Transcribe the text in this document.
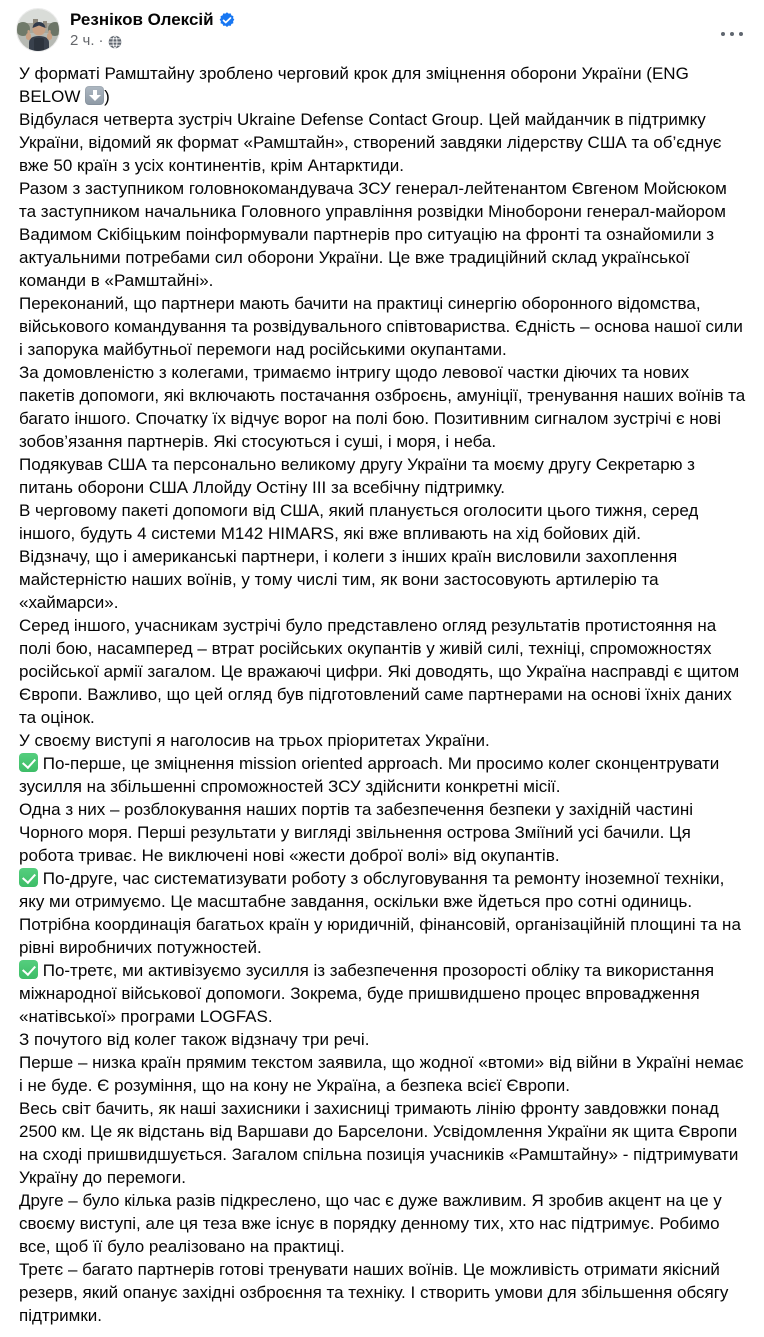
Резніков Олексій
2 ч. ·
У форматі Рамштайну зроблено черговий крок для зміцнення оборони України (ENG BELOW )
Відбулася четверта зустріч Ukraine Defense Contact Group. Цей майданчик в підтримку України, відомий як формат «Рамштайн», створений завдяки лідерству США та об’єднує вже 50 країн з усіх континентів, крім Антарктиди.
Разом з заступником головнокомандувача ЗСУ генерал-лейтенантом Євгеном Мойсюком та заступником начальника Головного управління розвідки Міноборони генерал-майором Вадимом Скібіцьким поінформували партнерів про ситуацію на фронті та ознайомили з актуальними потребами сил оборони України. Це вже традиційний склад української команди в «Рамштайні».
Переконаний, що партнери мають бачити на практиці синергію оборонного відомства, військового командування та розвідувального співтовариства. Єдність – основа нашої сили і запорука майбутньої перемоги над російськими окупантами.
За домовленістю з колегами, тримаємо інтригу щодо левової частки діючих та нових пакетів допомоги, які включають постачання озброєнь, амуніції, тренування наших воїнів та багато іншого. Спочатку їх відчує ворог на полі бою. Позитивним сигналом зустрічі є нові зобов’язання партнерів. Які стосуються і суші, і моря, і неба.
Подякував США та персонально великому другу України та моєму другу Секретарю з питань оборони США Ллойду Остіну III за всебічну підтримку.
В черговому пакеті допомоги від США, який планується оголосити цього тижня, серед іншого, будуть 4 системи M142 HIMARS, які вже впливають на хід бойових дій.
Відзначу, що і американські партнери, і колеги з інших країн висловили захоплення майстерністю наших воїнів, у тому числі тим, як вони застосовують артилерію та «хаймарси».
Серед іншого, учасникам зустрічі було представлено огляд результатів протистояння на полі бою, насамперед – втрат російських окупантів у живій силі, техніці, спроможностях російської армії загалом. Це вражаючі цифри. Які доводять, що Україна насправді є щитом Європи. Важливо, що цей огляд був підготовлений саме партнерами на основі їхніх даних та оцінок.
У своєму виступі я наголосив на трьох пріоритетах України.
По-перше, це зміцнення mission oriented approach. Ми просимо колег сконцентрувати зусилля на збільшенні спроможностей ЗСУ здійснити конкретні місії.
Одна з них – розблокування наших портів та забезпечення безпеки у західній частині Чорного моря. Перші результати у вигляді звільнення острова Зміїний усі бачили. Ця робота триває. Не виключені нові «жести доброї волі» від окупантів.
По-друге, час систематизувати роботу з обслуговування та ремонту іноземної техніки, яку ми отримуємо. Це масштабне завдання, оскільки вже йдеться про сотні одиниць. Потрібна координація багатьох країн у юридичній, фінансовій, організаційній площині та на рівні виробничих потужностей.
По-третє, ми активізуємо зусилля із забезпечення прозорості обліку та використання міжнародної військової допомоги. Зокрема, буде пришвидшено процес впровадження «натівської» програми LOGFAS.
З почутого від колег також відзначу три речі.
Перше – низка країн прямим текстом заявила, що жодної «втоми» від війни в Україні немає і не буде. Є розуміння, що на кону не Україна, а безпека всієї Європи.
Весь світ бачить, як наші захисники і захисниці тримають лінію фронту завдовжки понад 2500 км. Це як відстань від Варшави до Барселони. Усвідомлення України як щита Європи на сході пришвидшується. Загалом спільна позиція учасників «Рамштайну» - підтримувати Україну до перемоги.
Друге – було кілька разів підкреслено, що час є дуже важливим. Я зробив акцент на це у своєму виступі, але ця теза вже існує в порядку денному тих, хто нас підтримує. Робимо все, щоб її було реалізовано на практиці.
Третє – багато партнерів готові тренувати наших воїнів. Це можливість отримати якісний резерв, який опанує західні озброєння та техніку. І створить умови для збільшення обсягу підтримки.
